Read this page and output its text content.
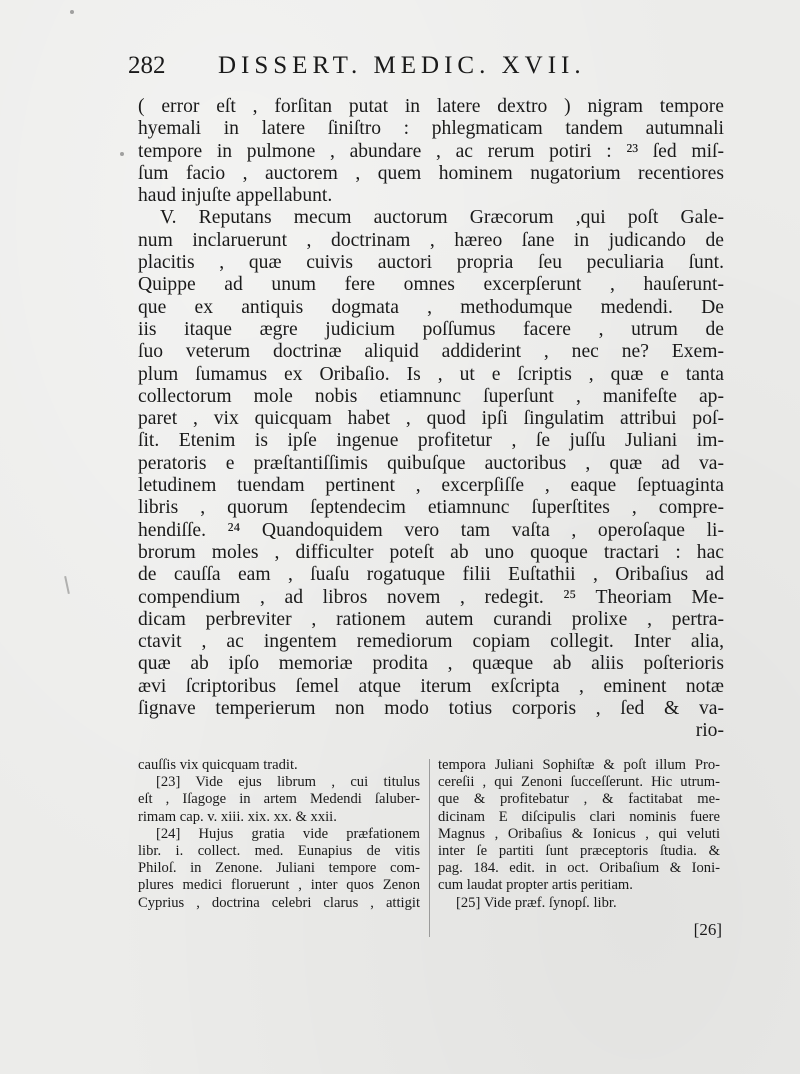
282 DISSERT. MEDIC. XVII.
( error eſt , forſitan putat in latere dextro ) nigram tempore
hyemali in latere ſiniſtro : phlegmaticam tandem autumnali
tempore in pulmone , abundare , ac rerum potiri : ²³ ſed miſ-
ſum facio , auctorem , quem hominem nugatorium recentiores
haud injuſte appellabunt.
V. Reputans mecum auctorum Græcorum ,qui poſt Gale-
num inclaruerunt , doctrinam , hæreo ſane in judicando de
placitis , quæ cuivis auctori propria ſeu peculiaria ſunt.
Quippe ad unum fere omnes excerpſerunt , hauſerunt-
que ex antiquis dogmata , methodumque medendi. De
iis itaque ægre judicium poſſumus facere , utrum de
ſuo veterum doctrinæ aliquid addiderint , nec ne? Exem-
plum ſumamus ex Oribaſio. Is , ut e ſcriptis , quæ e tanta
collectorum mole nobis etiamnunc ſuperſunt , manifeſte ap-
paret , vix quicquam habet , quod ipſi ſingulatim attribui poſ-
ſit. Etenim is ipſe ingenue profitetur , ſe juſſu Juliani im-
peratoris e præſtantiſſimis quibuſque auctoribus , quæ ad va-
letudinem tuendam pertinent , excerpſiſſe , eaque ſeptuaginta
libris , quorum ſeptendecim etiamnunc ſuperſtites , compre-
hendiſſe. ²⁴ Quandoquidem vero tam vaſta , operoſaque li-
brorum moles , difficulter poteſt ab uno quoque tractari : hac
de cauſſa eam , ſuaſu rogatuque filii Euſtathii , Oribaſius ad
compendium , ad libros novem , redegit. ²⁵ Theoriam Me-
dicam perbreviter , rationem autem curandi prolixe , pertra-
ctavit , ac ingentem remediorum copiam collegit. Inter alia,
quæ ab ipſo memoriæ prodita , quæque ab aliis poſterioris
ævi ſcriptoribus ſemel atque iterum exſcripta , eminent notæ
ſignave temperierum non modo totius corporis , ſed & va-
rio-
cauſſis vix quicquam tradit.
[23] Vide ejus librum , cui titulus
eſt , Iſagoge in artem Medendi ſaluber-
rimam cap. v. xiii. xix. xx. & xxii.
[24] Hujus gratia vide præfationem
libr. i. collect. med. Eunapius de vitis
Philoſ. in Zenone. Juliani tempore com-
plures medici floruerunt , inter quos Zenon
Cyprius , doctrina celebri clarus , attigit
tempora Juliani Sophiſtæ & poſt illum Pro-
cereſii , qui Zenoni ſucceſſerunt. Hic utrum-
que & profitebatur , & factitabat me-
dicinam E diſcipulis clari nominis fuere
Magnus , Oribaſius & Ionicus , qui veluti
inter ſe partiti ſunt præceptoris ſtudia. &
pag. 184. edit. in oct. Oribaſium & Ioni-
cum laudat propter artis peritiam.
[25] Vide præf. ſynopſ. libr.
[26]
